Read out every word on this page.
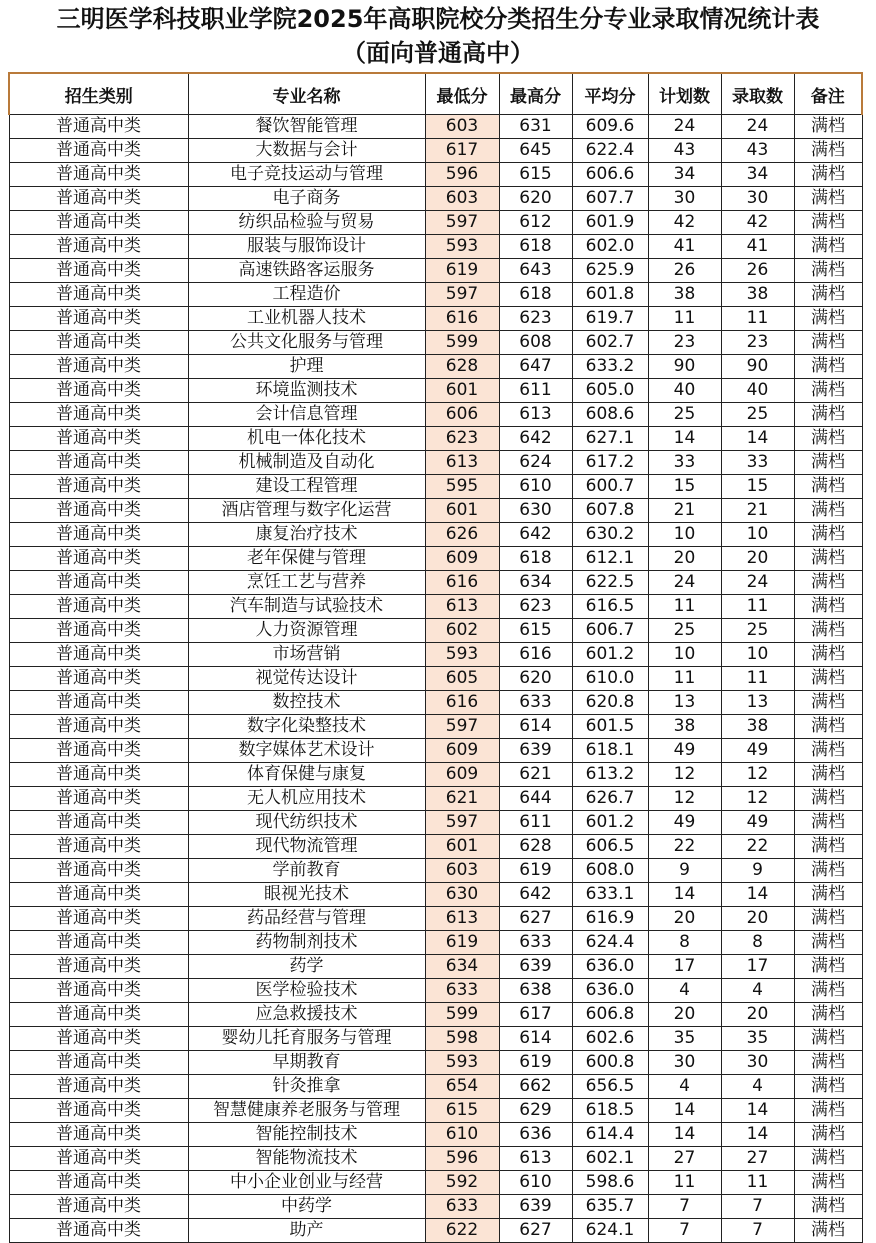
三明医学科技职业学院2025年高职院校分类招生分专业录取情况统计表
（面向普通高中）
招生类别	专业名称	最低分	最高分	平均分	计划数	录取数	备注
普通高中类	餐饮智能管理	603	631	609.6	24	24	满档
普通高中类	大数据与会计	617	645	622.4	43	43	满档
普通高中类	电子竞技运动与管理	596	615	606.6	34	34	满档
普通高中类	电子商务	603	620	607.7	30	30	满档
普通高中类	纺织品检验与贸易	597	612	601.9	42	42	满档
普通高中类	服装与服饰设计	593	618	602.0	41	41	满档
普通高中类	高速铁路客运服务	619	643	625.9	26	26	满档
普通高中类	工程造价	597	618	601.8	38	38	满档
普通高中类	工业机器人技术	616	623	619.7	11	11	满档
普通高中类	公共文化服务与管理	599	608	602.7	23	23	满档
普通高中类	护理	628	647	633.2	90	90	满档
普通高中类	环境监测技术	601	611	605.0	40	40	满档
普通高中类	会计信息管理	606	613	608.6	25	25	满档
普通高中类	机电一体化技术	623	642	627.1	14	14	满档
普通高中类	机械制造及自动化	613	624	617.2	33	33	满档
普通高中类	建设工程管理	595	610	600.7	15	15	满档
普通高中类	酒店管理与数字化运营	601	630	607.8	21	21	满档
普通高中类	康复治疗技术	626	642	630.2	10	10	满档
普通高中类	老年保健与管理	609	618	612.1	20	20	满档
普通高中类	烹饪工艺与营养	616	634	622.5	24	24	满档
普通高中类	汽车制造与试验技术	613	623	616.5	11	11	满档
普通高中类	人力资源管理	602	615	606.7	25	25	满档
普通高中类	市场营销	593	616	601.2	10	10	满档
普通高中类	视觉传达设计	605	620	610.0	11	11	满档
普通高中类	数控技术	616	633	620.8	13	13	满档
普通高中类	数字化染整技术	597	614	601.5	38	38	满档
普通高中类	数字媒体艺术设计	609	639	618.1	49	49	满档
普通高中类	体育保健与康复	609	621	613.2	12	12	满档
普通高中类	无人机应用技术	621	644	626.7	12	12	满档
普通高中类	现代纺织技术	597	611	601.2	49	49	满档
普通高中类	现代物流管理	601	628	606.5	22	22	满档
普通高中类	学前教育	603	619	608.0	9	9	满档
普通高中类	眼视光技术	630	642	633.1	14	14	满档
普通高中类	药品经营与管理	613	627	616.9	20	20	满档
普通高中类	药物制剂技术	619	633	624.4	8	8	满档
普通高中类	药学	634	639	636.0	17	17	满档
普通高中类	医学检验技术	633	638	636.0	4	4	满档
普通高中类	应急救援技术	599	617	606.8	20	20	满档
普通高中类	婴幼儿托育服务与管理	598	614	602.6	35	35	满档
普通高中类	早期教育	593	619	600.8	30	30	满档
普通高中类	针灸推拿	654	662	656.5	4	4	满档
普通高中类	智慧健康养老服务与管理	615	629	618.5	14	14	满档
普通高中类	智能控制技术	610	636	614.4	14	14	满档
普通高中类	智能物流技术	596	613	602.1	27	27	满档
普通高中类	中小企业创业与经营	592	610	598.6	11	11	满档
普通高中类	中药学	633	639	635.7	7	7	满档
普通高中类	助产	622	627	624.1	7	7	满档
